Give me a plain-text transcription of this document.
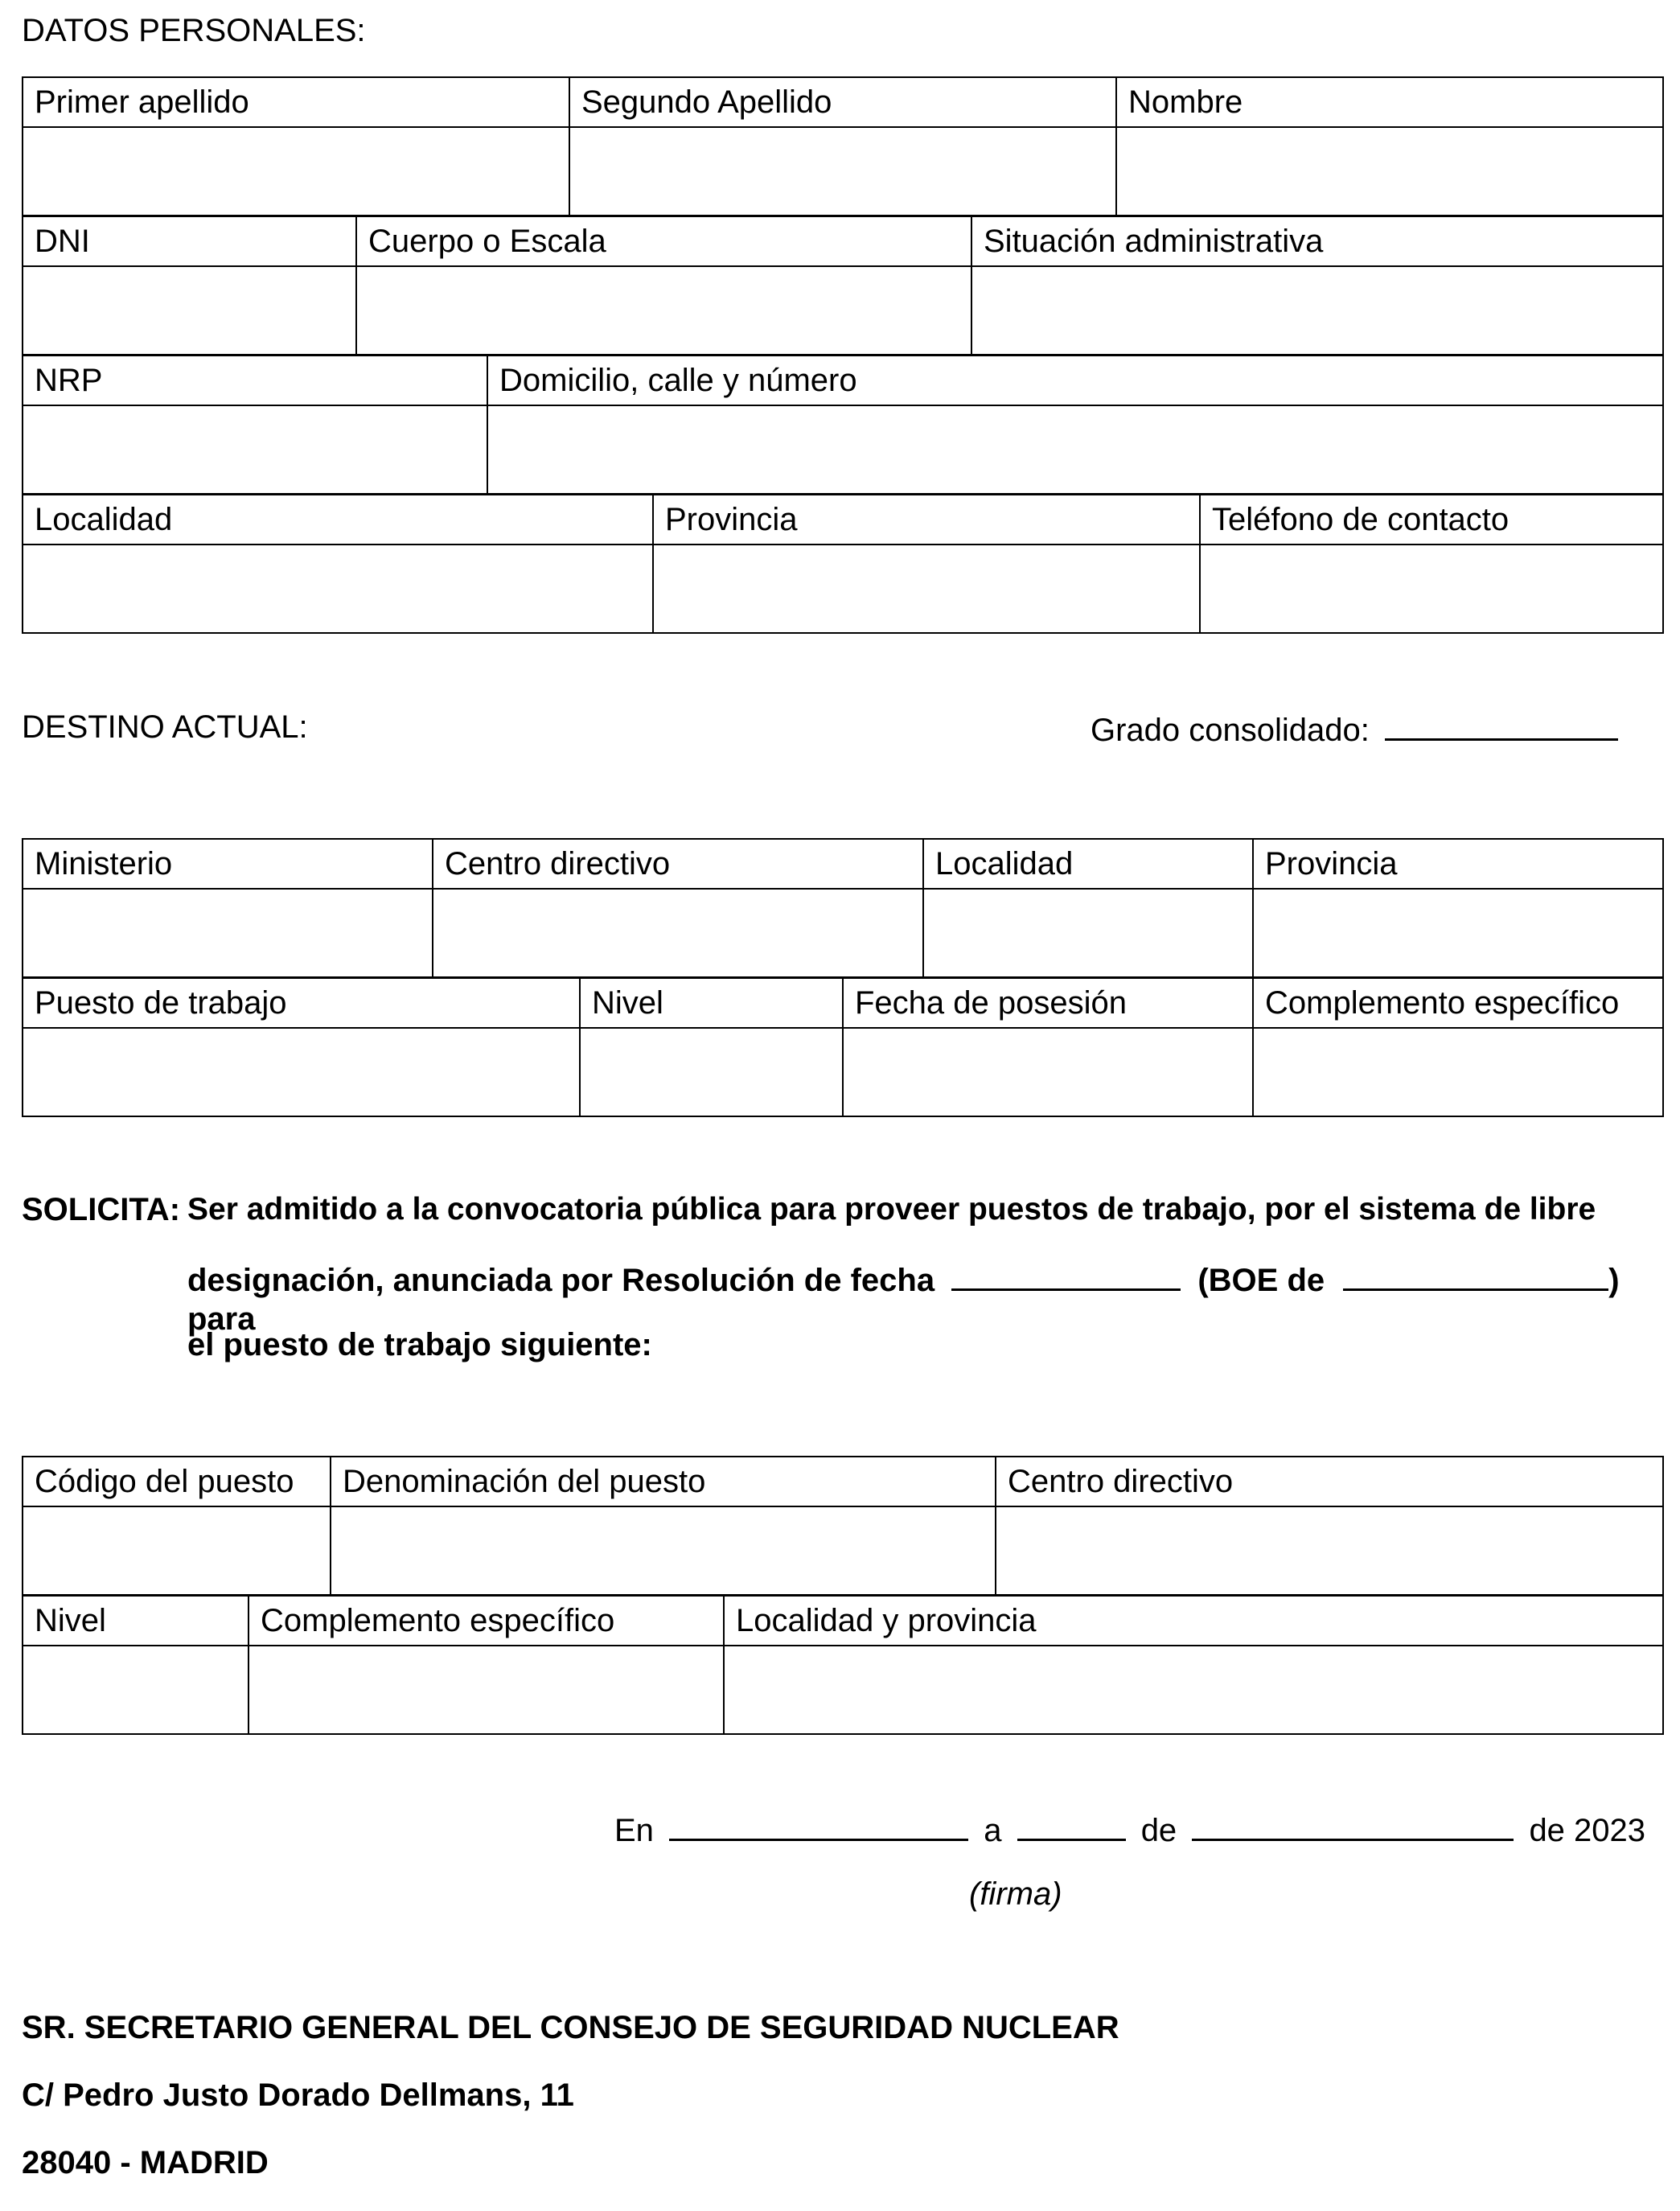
DATOS PERSONALES:
Primer apellido	Segundo Apellido	Nombre

DNI	Cuerpo o Escala	Situación administrativa

NRP	Domicilio, calle y número

Localidad	Provincia	Teléfono de contacto

DESTINO ACTUAL:	Grado consolidado:
Ministerio	Centro directivo	Localidad	Provincia

Puesto de trabajo	Nivel	Fecha de posesión	Complemento específico

SOLICITA: Ser admitido a la convocatoria pública para proveer puestos de trabajo, por el sistema de libre
designación, anunciada por Resolución de fecha	(BOE de	) para
el puesto de trabajo siguiente:
Código del puesto	Denominación del puesto	Centro directivo

Nivel	Complemento específico	Localidad y provincia

En	a	de	de 2023
(firma)
SR. SECRETARIO GENERAL DEL CONSEJO DE SEGURIDAD NUCLEAR
C/ Pedro Justo Dorado Dellmans, 11
28040 - MADRID
